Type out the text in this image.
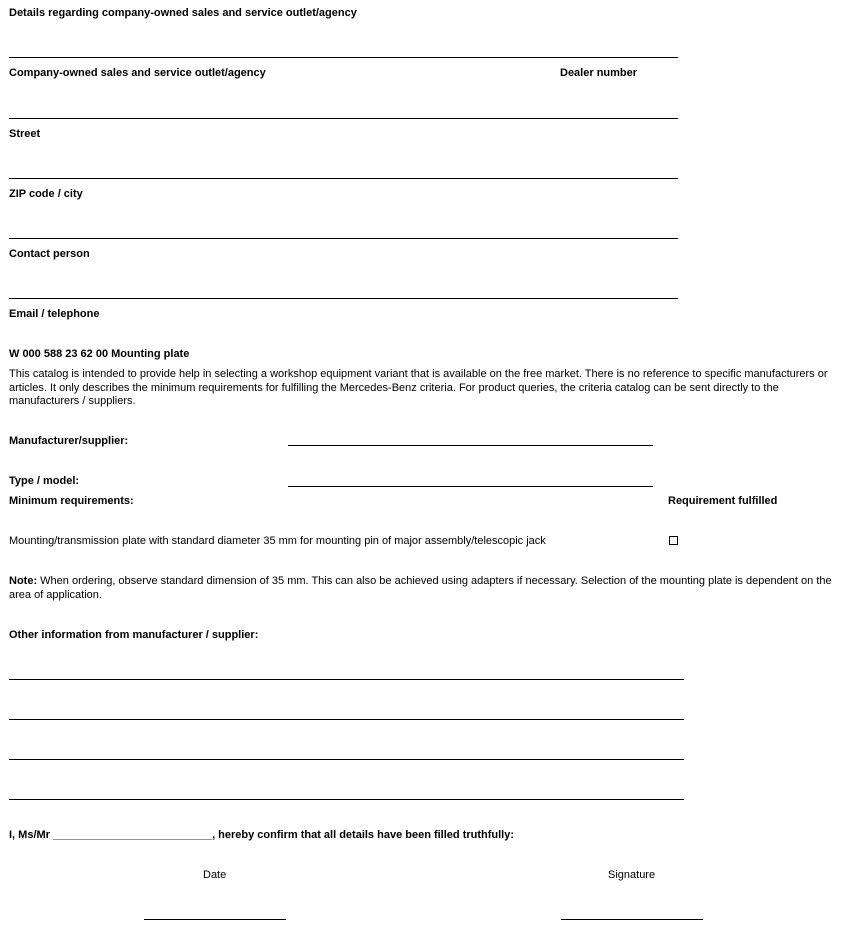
Details regarding company-owned sales and service outlet/agency
Company-owned sales and service outlet/agency	Dealer number
Street
ZIP code / city
Contact person
Email / telephone
W 000 588 23 62 00 Mounting plate
This catalog is intended to provide help in selecting a workshop equipment variant that is available on the free market. There is no reference to specific manufacturers or articles. It only describes the minimum requirements for fulfilling the Mercedes-Benz criteria. For product queries, the criteria catalog can be sent directly to the manufacturers / suppliers.
Manufacturer/supplier:
Type / model:
Minimum requirements:	Requirement fulfilled
Mounting/transmission plate with standard diameter 35 mm for mounting pin of major assembly/telescopic jack
Note: When ordering, observe standard dimension of 35 mm. This can also be achieved using adapters if necessary. Selection of the mounting plate is dependent on the area of application.
Other information from manufacturer / supplier:
I, Ms/Mr __________________________, hereby confirm that all details have been filled truthfully:
Date	Signature
